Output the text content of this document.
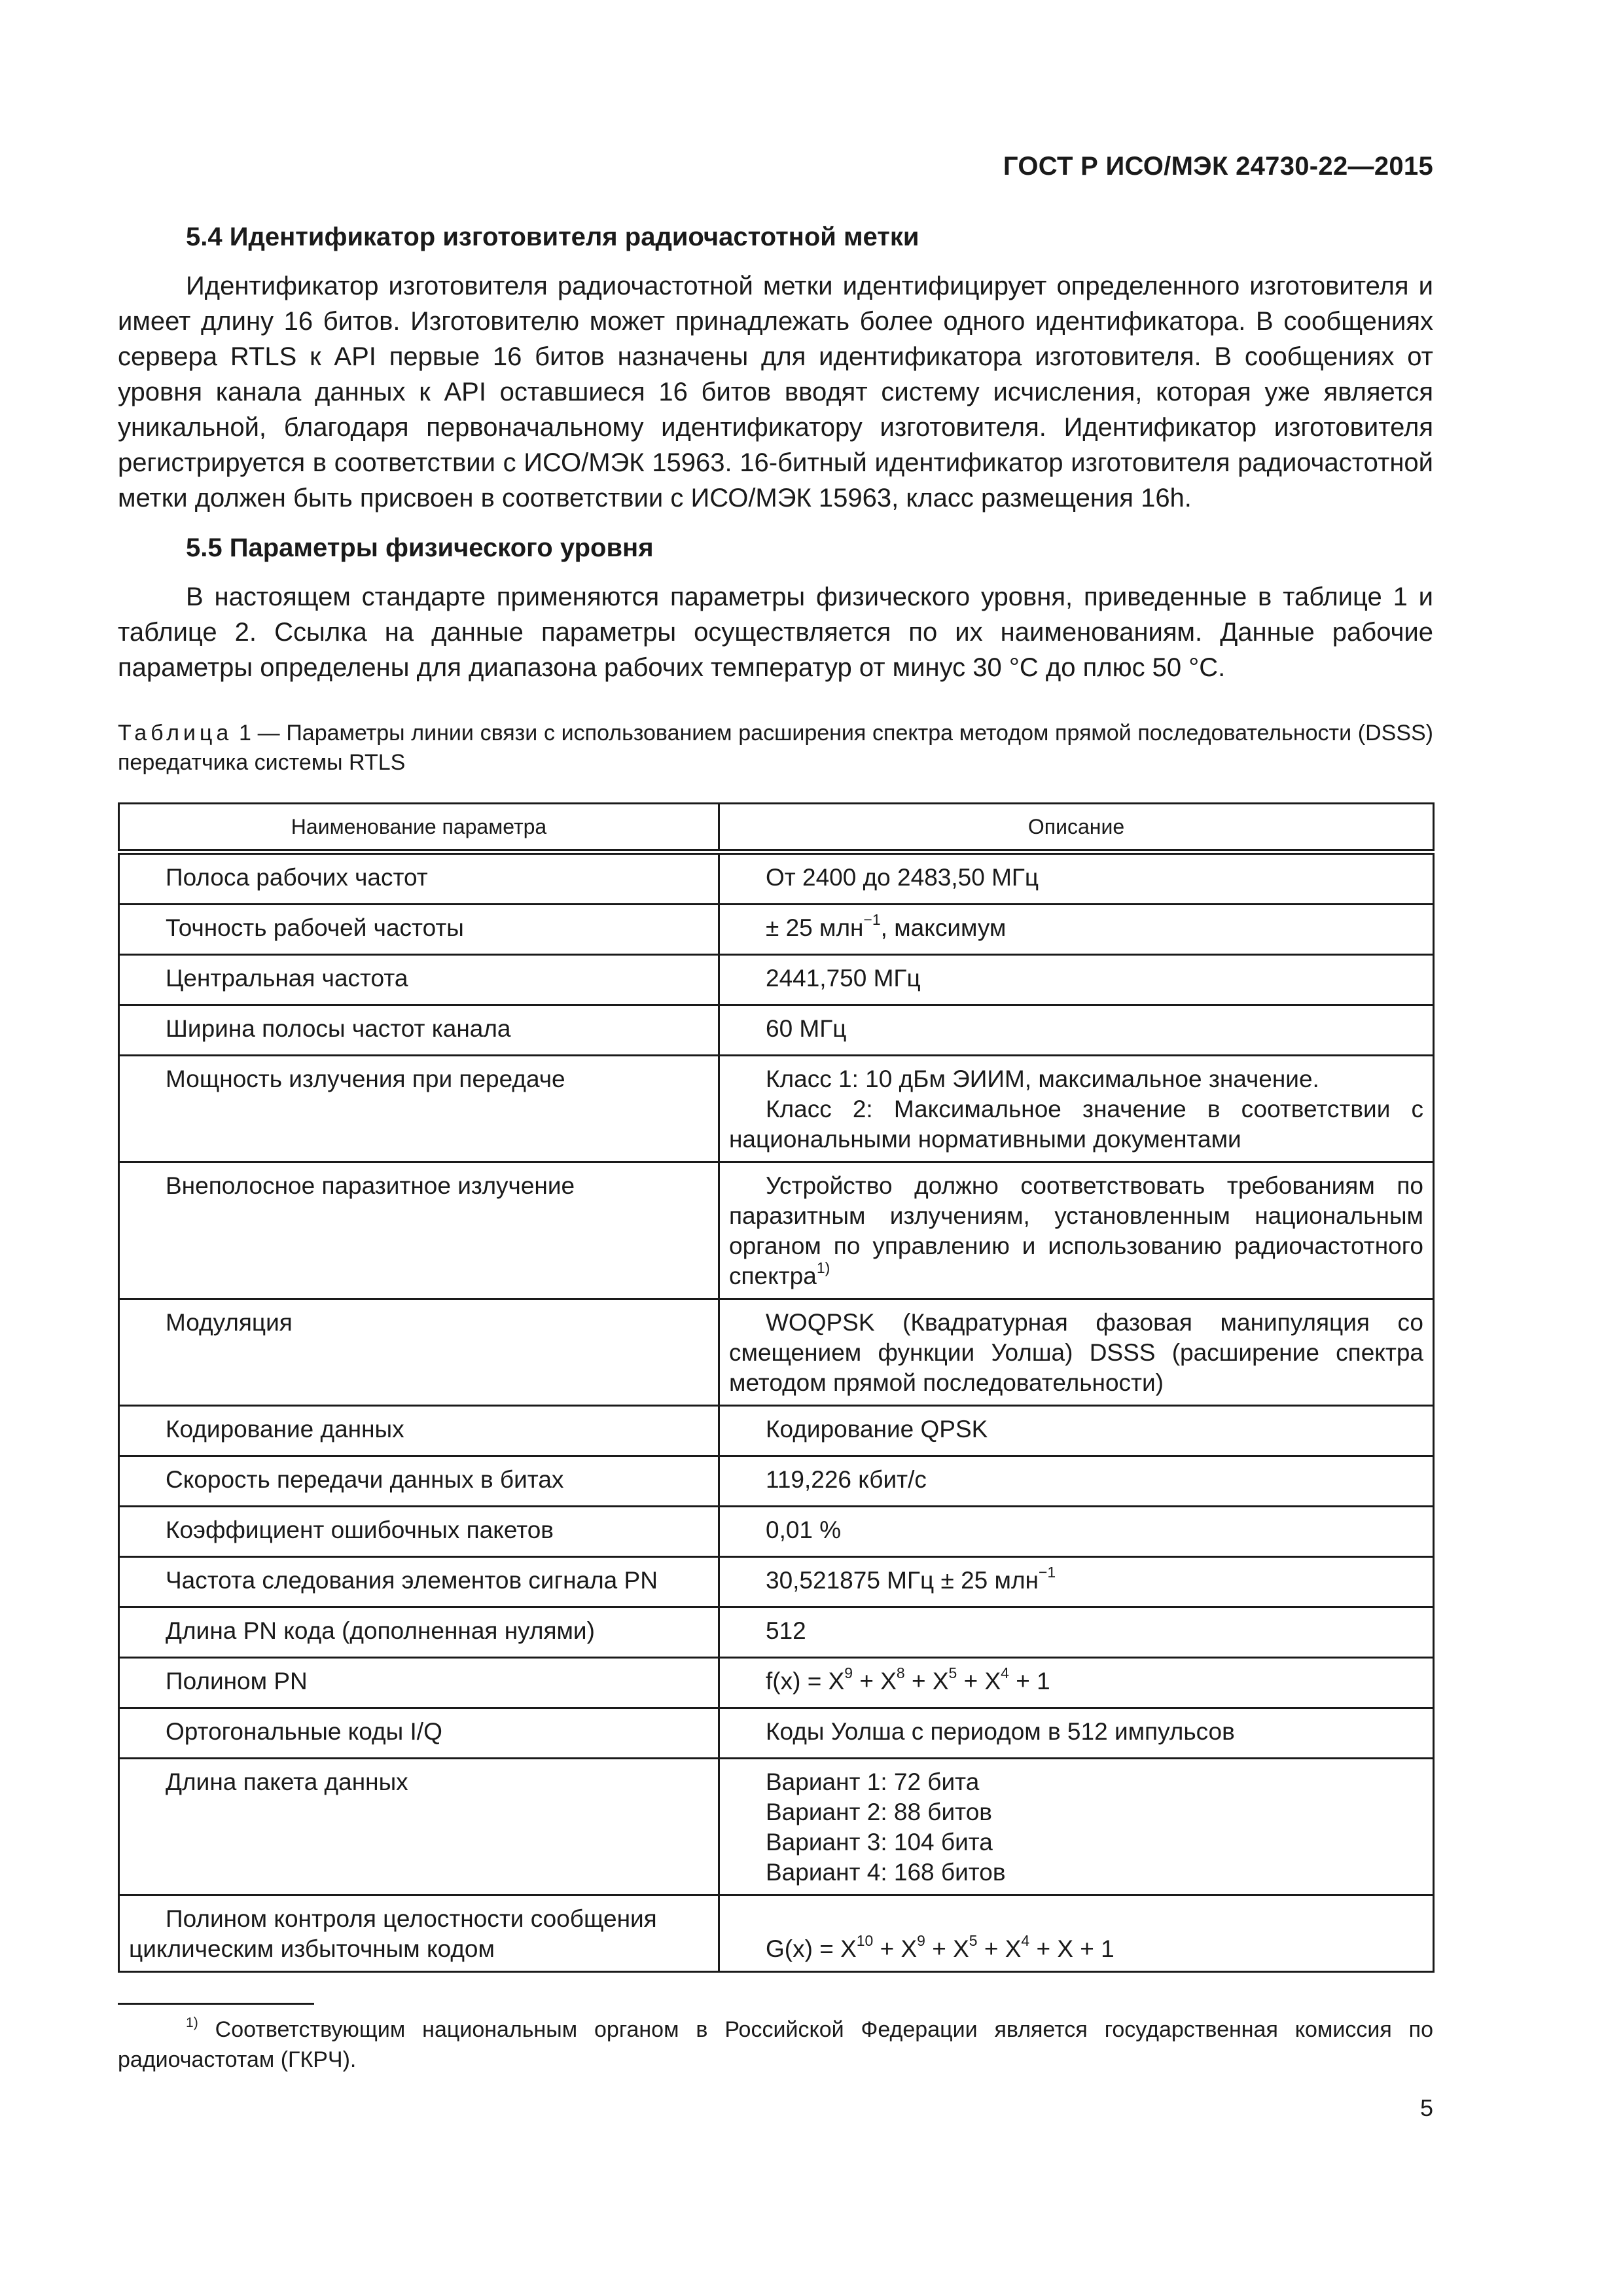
ГОСТ Р ИСО/МЭК 24730-22—2015
5.4 Идентификатор изготовителя радиочастотной метки
Идентификатор изготовителя радиочастотной метки идентифицирует определенного изготовителя и имеет длину 16 битов. Изготовителю может принадлежать более одного идентификатора. В сообщениях сервера RTLS к API первые 16 битов назначены для идентификатора изготовителя. В сообщениях от уровня канала данных к API оставшиеся 16 битов вводят систему исчисления, которая уже является уникальной, благодаря первоначальному идентификатору изготовителя. Идентификатор изготовителя регистрируется в соответствии с ИСО/МЭК 15963. 16-битный идентификатор изготовителя радиочастотной метки должен быть присвоен в соответствии с ИСО/МЭК 15963, класс размещения 16h.
5.5 Параметры физического уровня
В настоящем стандарте применяются параметры физического уровня, приведенные в таблице 1 и таблице 2. Ссылка на данные параметры осуществляется по их наименованиям. Данные рабочие параметры определены для диапазона рабочих температур от минус 30 °C до плюс 50 °C.
Таблица 1 — Параметры линии связи с использованием расширения спектра методом прямой последовательности (DSSS) передатчика системы RTLS
Наименование параметра	Описание
Полоса рабочих частот	От 2400 до 2483,50 МГц
Точность рабочей частоты	± 25 млн$^{-1}$, максимум
Центральная частота	2441,750 МГц
Ширина полосы частот канала	60 МГц
Мощность излучения при передаче	Класс 1: 10 дБм ЭИИМ, максимальное значение.
Класс 2: Максимальное значение в соответствии с национальными нормативными документами

Внеполосное паразитное излучение	Устройство должно соответствовать требованиям по паразитным излучениям, установленным национальным органом по управлению и использованию радиочастотного спектра$^{1)}$
Модуляция	WOQPSK (Квадратурная фазовая манипуляция со смещением функции Уолша) DSSS (расширение спектра методом прямой последовательности)
Кодирование данных	Кодирование QPSK
Скорость передачи данных в битах	119,226 кбит/с
Коэффициент ошибочных пакетов	0,01 %
Частота следования элементов сигнала PN	30,521875 МГц ± 25 млн$^{-1}$
Длина PN кода (дополненная нулями)	512
Полином PN	$f(x) = X^9 + X^8 + X^5 + X^4 + 1$
Ортогональные коды I/Q	Коды Уолша с периодом в 512 импульсов
Длина пакета данных	Вариант 1: 72 бита
Вариант 2: 88 битов
Вариант 3: 104 бита
Вариант 4: 168 битов

Полином контроля целостности сообщения
циклическим избыточным кодом	$G(x) = X^{10} + X^9 + X^5 + X^4 + X + 1$
$^{1)}$ Соответствующим национальным органом в Российской Федерации является государственная комиссия по радиочастотам (ГКРЧ).
5
